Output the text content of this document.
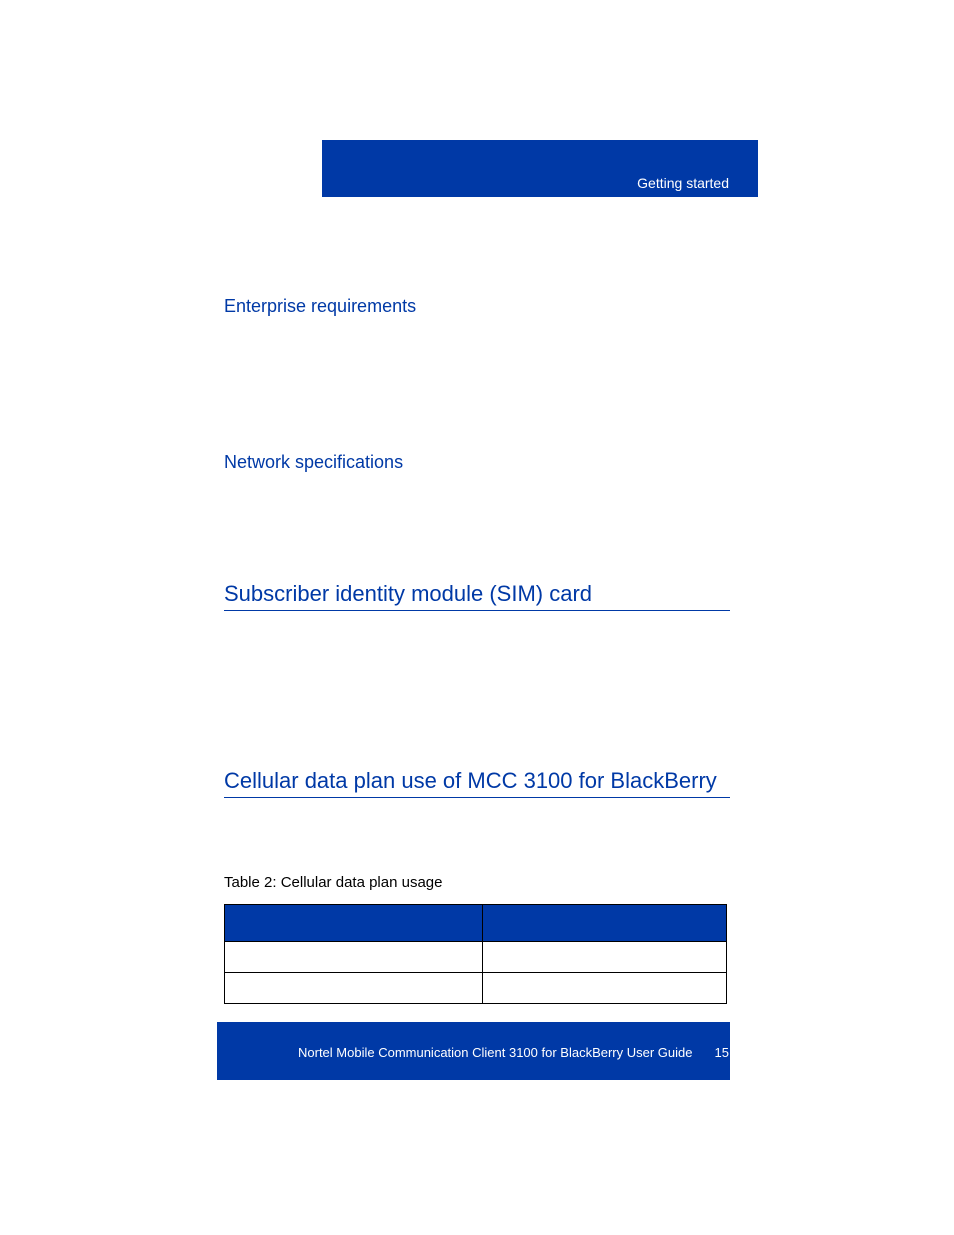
Getting started
Enterprise requirements
Network specifications
Subscriber identity module (SIM) card
Cellular data plan use of MCC 3100 for BlackBerry
Table 2: Cellular data plan usage

Nortel Mobile Communication Client 3100 for BlackBerry User Guide 15
